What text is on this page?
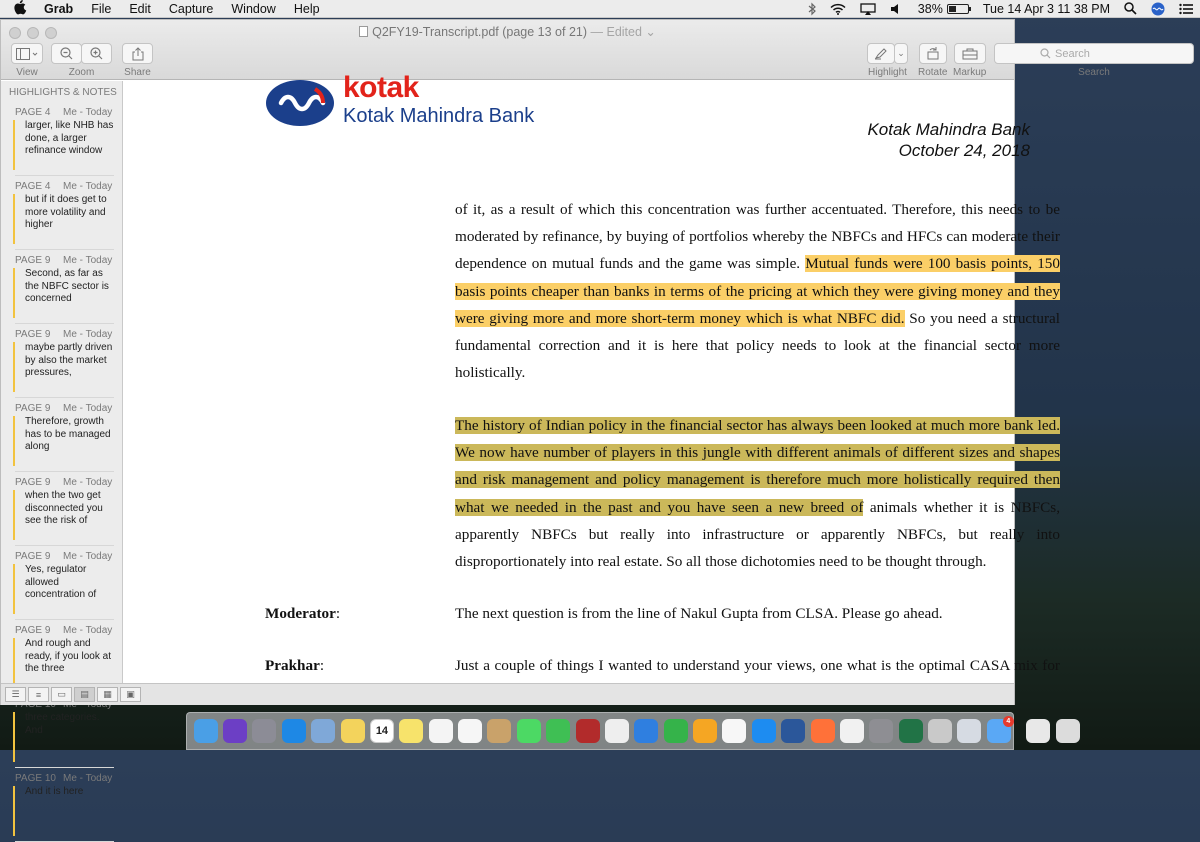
Grab	File	Edit	Capture	Window	Help	38%	Tue 14 Apr 3 11 38 PM
Q2FY19-Transcript.pdf (page 13 of 21) — Edited ⌄
View	Zoom	Share
⌄
Highlight Rotate Markup
Search	Search
HIGHLIGHTS & NOTES
PAGE 4	Me - Today
larger, like NHB has done, a larger refinance window
PAGE 4	Me - Today
but if it does get to more volatility and higher
PAGE 9	Me - Today
Second, as far as the NBFC sector is concerned
PAGE 9	Me - Today
maybe partly driven by also the market pressures,
PAGE 9	Me - Today
Therefore, growth has to be managed along
PAGE 9	Me - Today
when the two get disconnected you see the risk of
PAGE 9	Me - Today
Yes, regulator allowed concentration of
PAGE 9	Me - Today
And rough and ready, if you look at the three
three categories. And
PAGE 10 Me - Today
And it is here
kotak
Kotak Mahindra Bank
Kotak Mahindra Bank
October 24, 2018
of it, as a result of which this concentration was further accentuated. Therefore, this needs to be moderated by refinance, by buying of portfolios whereby the NBFCs and HFCs can moderate their dependence on mutual funds and the game was simple. Mutual funds were 100 basis points, 150 basis points cheaper than banks in terms of the pricing at which they were giving money and they were giving more and more short-term money which is what NBFC did. So you need a structural fundamental correction and it is here that policy needs to look at the financial sector more holistically.
The history of Indian policy in the financial sector has always been looked at much more bank led. We now have number of players in this jungle with different animals of different sizes and shapes and risk management and policy management is therefore much more holistically required then what we needed in the past and you have seen a new breed of animals whether it is NBFCs, apparently NBFCs but really into infrastructure or apparently NBFCs, but really into disproportionately into real estate. So all those dichotomies need to be thought through.
Moderator:	The next question is from the line of Nakul Gupta from CLSA. Please go ahead.
Prakhar:	Just a couple of things I wanted to understand your views, one what is the optimal CASA mix for
☰	≡	▭	▤	▦	▣
14
4
